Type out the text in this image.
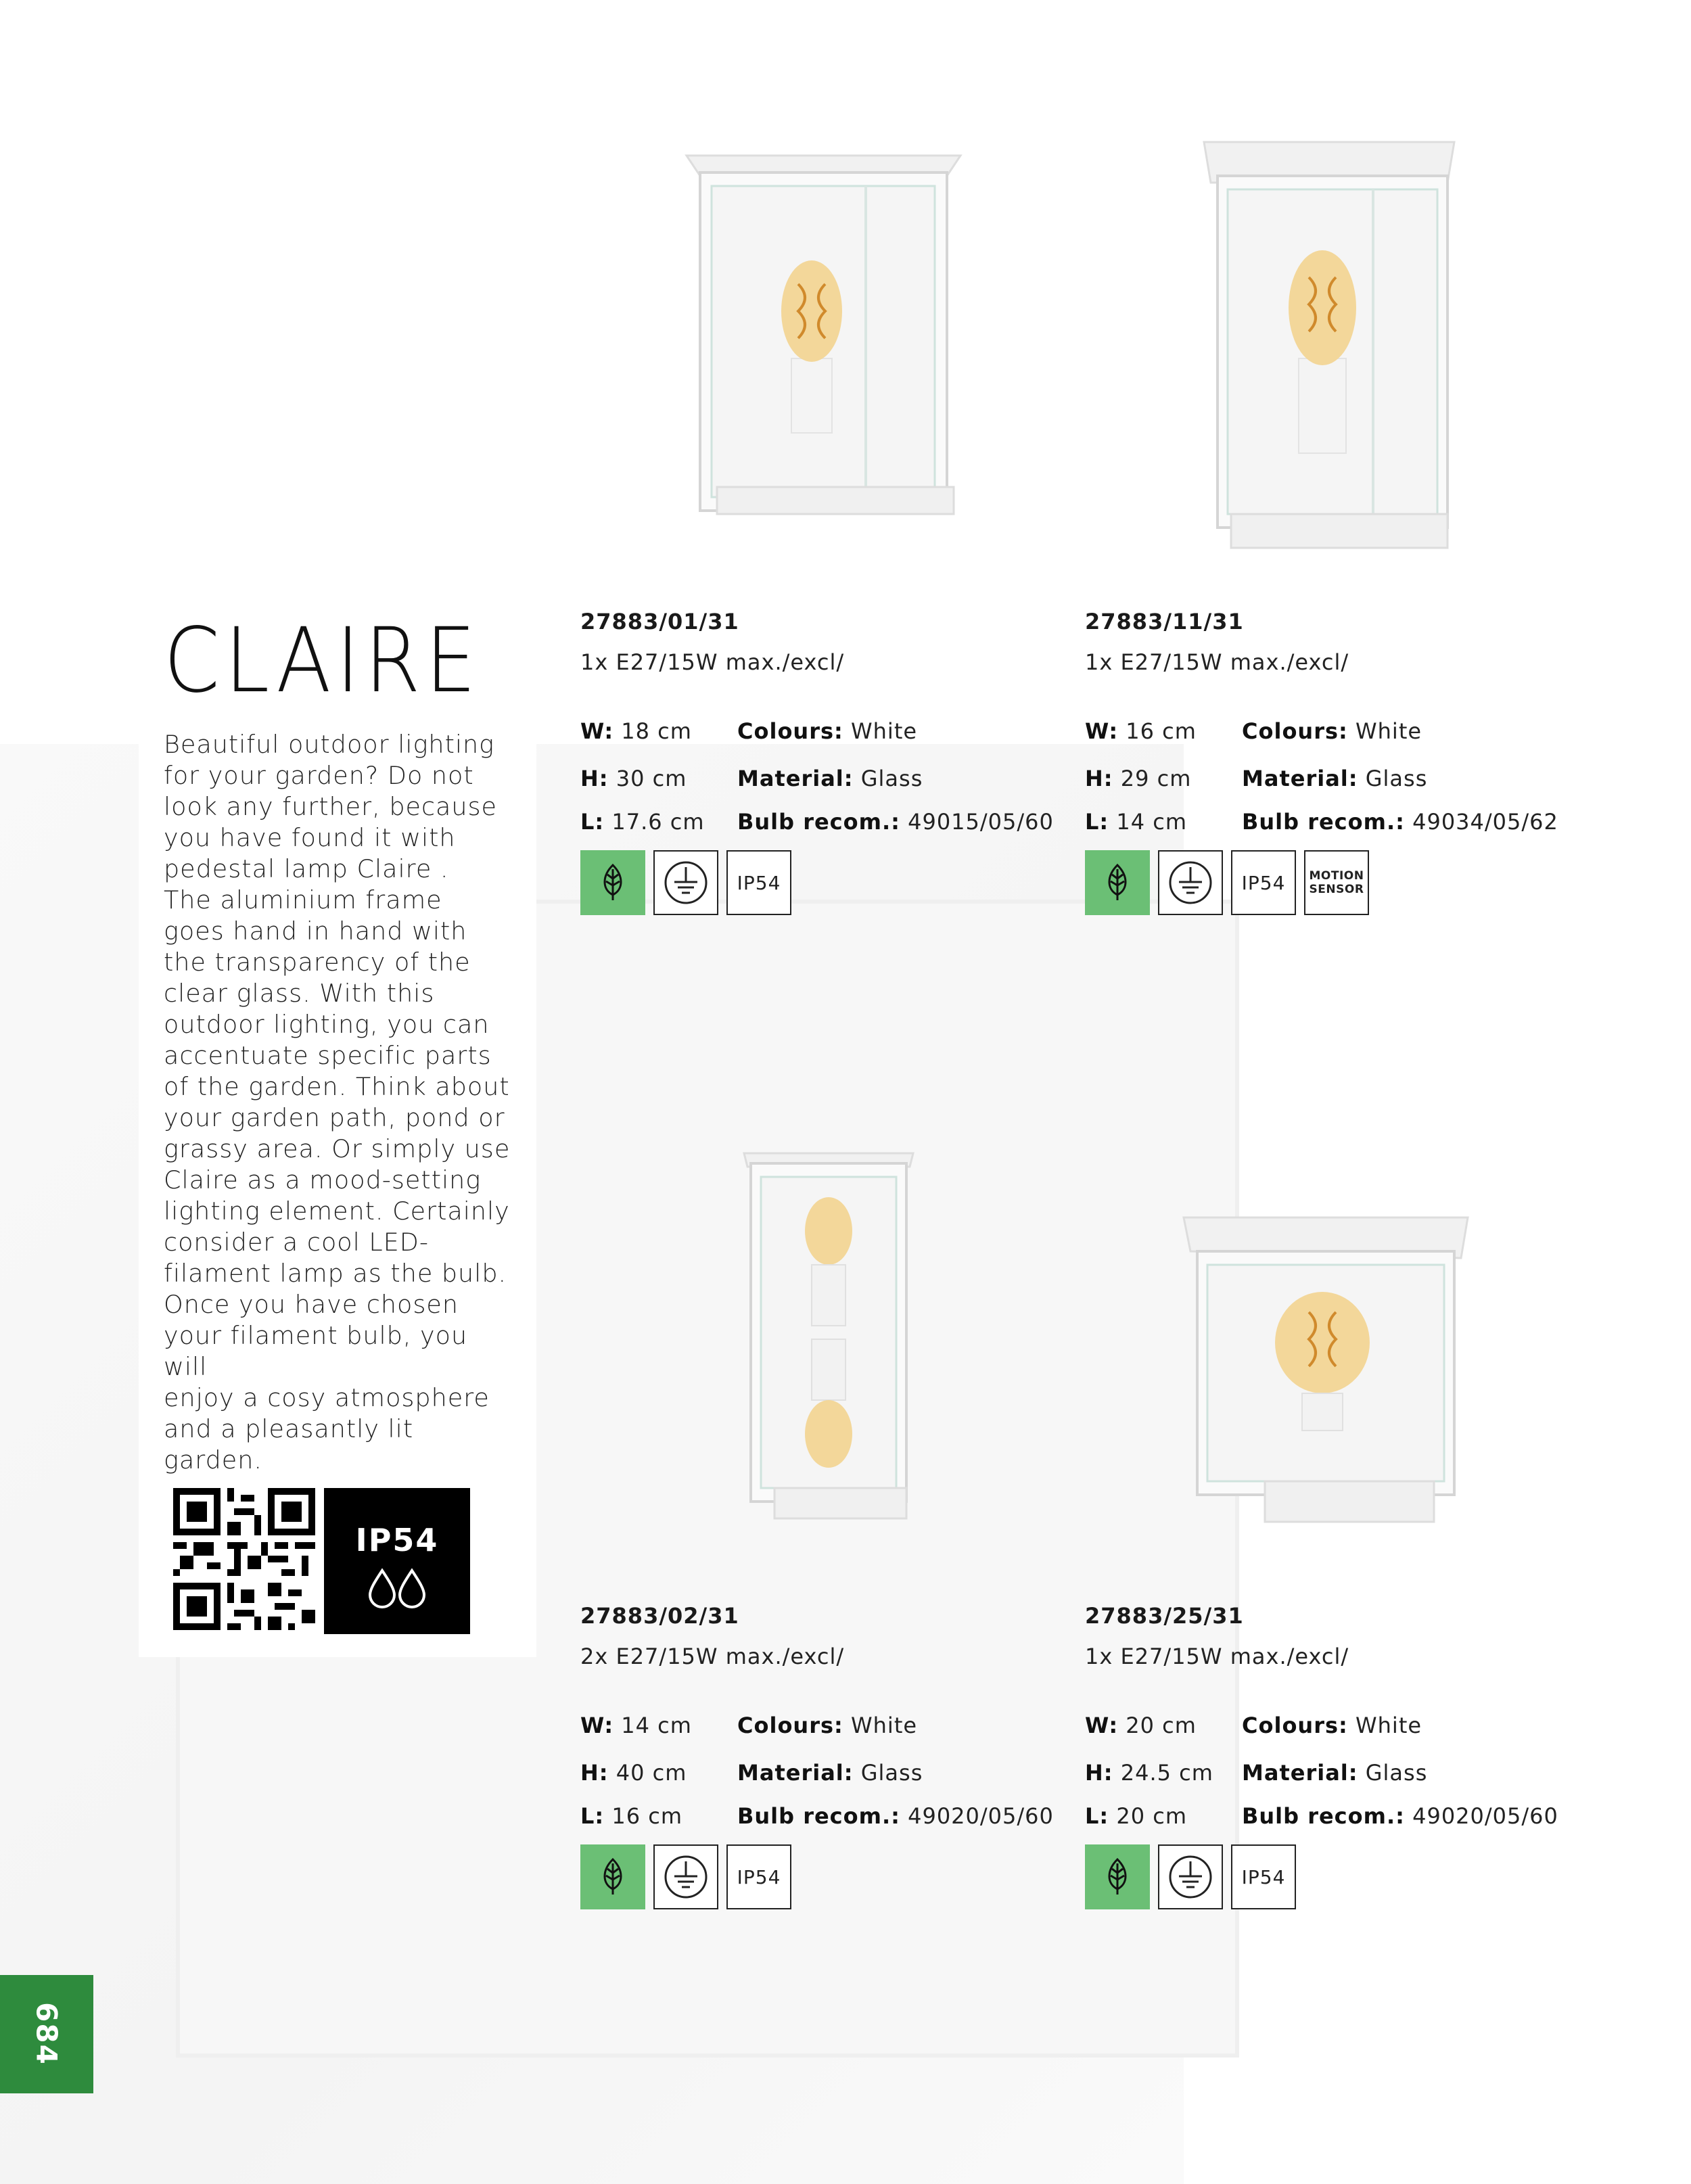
CLAIRE
Beautiful outdoor lighting
for your garden? Do not
look any further, because
you have found it with
pedestal lamp Claire .
The aluminium frame
goes hand in hand with
the transparency of the
clear glass. With this
outdoor lighting, you can
accentuate specific parts
of the garden. Think about
your garden path, pond or
grassy area. Or simply use
Claire as a mood-setting
lighting element. Certainly
consider a cool LED-
filament lamp as the bulb.
Once you have chosen
your filament bulb, you will
enjoy a cosy atmosphere
and a pleasantly lit
garden.
IP54
27883/01/31
1x E27/15W max./excl/
W: 18 cm
H: 30 cm
L: 17.6 cm
Colours: White
Material: Glass
Bulb recom.: 49015/05/60
IP54
27883/11/31
1x E27/15W max./excl/
W: 16 cm
H: 29 cm
L: 14 cm
Colours: White
Material: Glass
Bulb recom.: 49034/05/62
IP54	MOTION
SENSOR
27883/02/31
2x E27/15W max./excl/
W: 14 cm
H: 40 cm
L: 16 cm
Colours: White
Material: Glass
Bulb recom.: 49020/05/60
IP54
27883/25/31
1x E27/15W max./excl/
W: 20 cm
H: 24.5 cm
L: 20 cm
Colours: White
Material: Glass
Bulb recom.: 49020/05/60
IP54
684
